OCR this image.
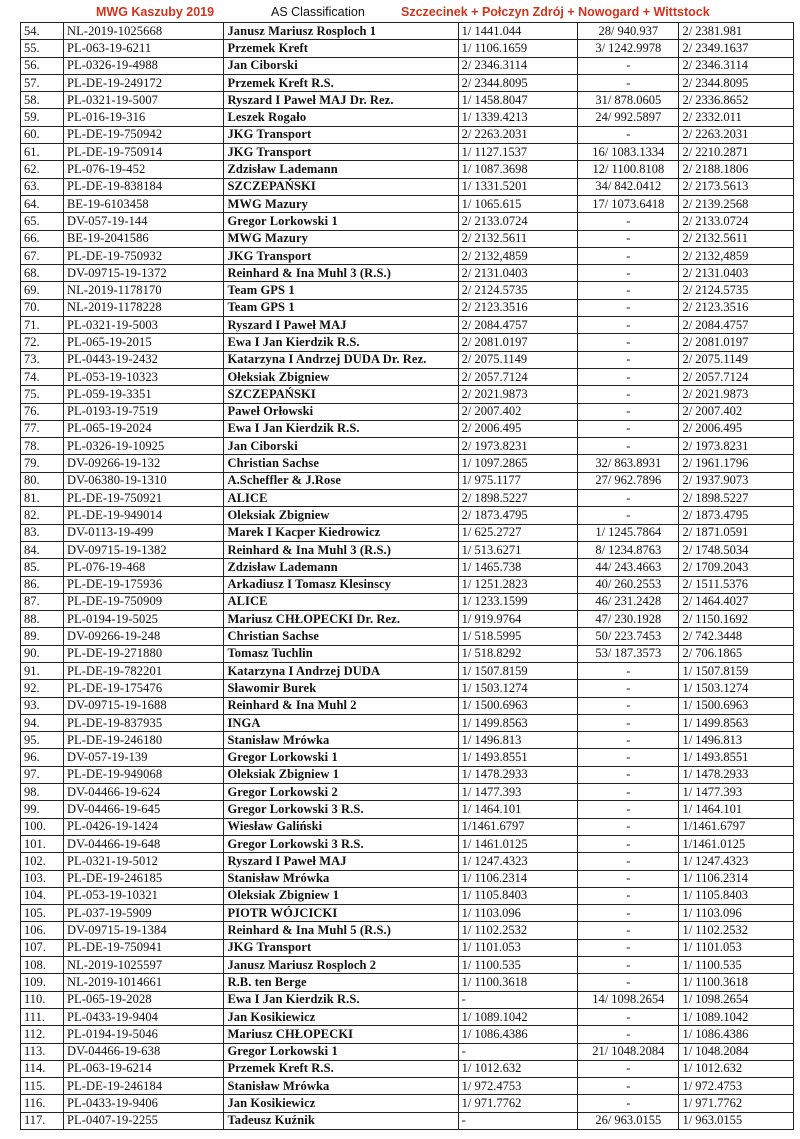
MWG Kaszuby 2019	AS Classification	Szczecinek + Połczyn Zdrój + Nowogard + Wittstock
54.	NL-2019-1025668	Janusz Mariusz Rosploch 1	1/ 1441.044	28/ 940.937	2/ 2381.981
55.	PL-063-19-6211	Przemek Kreft	1/ 1106.1659	3/ 1242.9978	2/ 2349.1637
56.	PL-0326-19-4988	Jan Ciborski	2/ 2346.3114	-	2/ 2346.3114
57.	PL-DE-19-249172	Przemek Kreft R.S.	2/ 2344.8095	-	2/ 2344.8095
58.	PL-0321-19-5007	Ryszard I Paweł MAJ Dr. Rez.	1/ 1458.8047	31/ 878.0605	2/ 2336.8652
59.	PL-016-19-316	Leszek Rogało	1/ 1339.4213	24/ 992.5897	2/ 2332.011
60.	PL-DE-19-750942	JKG Transport	2/ 2263.2031	-	2/ 2263.2031
61.	PL-DE-19-750914	JKG Transport	1/ 1127.1537	16/ 1083.1334	2/ 2210.2871
62.	PL-076-19-452	Zdzisław Lademann	1/ 1087.3698	12/ 1100.8108	2/ 2188.1806
63.	PL-DE-19-838184	SZCZEPAŃSKI	1/ 1331.5201	34/ 842.0412	2/ 2173.5613
64.	BE-19-6103458	MWG Mazury	1/ 1065.615	17/ 1073.6418	2/ 2139.2568
65.	DV-057-19-144	Gregor Lorkowski 1	2/ 2133.0724	-	2/ 2133.0724
66.	BE-19-2041586	MWG Mazury	2/ 2132.5611	-	2/ 2132.5611
67.	PL-DE-19-750932	JKG Transport	2/ 2132,4859	-	2/ 2132,4859
68.	DV-09715-19-1372	Reinhard & Ina Muhl 3 (R.S.)	2/ 2131.0403	-	2/ 2131.0403
69.	NL-2019-1178170	Team GPS 1	2/ 2124.5735	-	2/ 2124.5735
70.	NL-2019-1178228	Team GPS 1	2/ 2123.3516	-	2/ 2123.3516
71.	PL-0321-19-5003	Ryszard I Paweł MAJ	2/ 2084.4757	-	2/ 2084.4757
72.	PL-065-19-2015	Ewa I Jan Kierdzik R.S.	2/ 2081.0197	-	2/ 2081.0197
73.	PL-0443-19-2432	Katarzyna I Andrzej DUDA Dr. Rez.	2/ 2075.1149	-	2/ 2075.1149
74.	PL-053-19-10323	Ołeksiak Zbigniew	2/ 2057.7124	-	2/ 2057.7124
75.	PL-059-19-3351	SZCZEPAŃSKI	2/ 2021.9873	-	2/ 2021.9873
76.	PL-0193-19-7519	Paweł Orłowski	2/ 2007.402	-	2/ 2007.402
77.	PL-065-19-2024	Ewa I Jan Kierdzik R.S.	2/ 2006.495	-	2/ 2006.495
78.	PL-0326-19-10925	Jan Ciborski	2/ 1973.8231	-	2/ 1973.8231
79.	DV-09266-19-132	Christian Sachse	1/ 1097.2865	32/ 863.8931	2/ 1961.1796
80.	DV-06380-19-1310	A.Scheffler & J.Rose	1/ 975.1177	27/ 962.7896	2/ 1937.9073
81.	PL-DE-19-750921	ALICE	2/ 1898.5227	-	2/ 1898.5227
82.	PL-DE-19-949014	Oleksiak Zbigniew	2/ 1873.4795	-	2/ 1873.4795
83.	DV-0113-19-499	Marek I Kacper Kiedrowicz	1/ 625.2727	1/ 1245.7864	2/ 1871.0591
84.	DV-09715-19-1382	Reinhard & Ina Muhl 3 (R.S.)	1/ 513.6271	8/ 1234.8763	2/ 1748.5034
85.	PL-076-19-468	Zdzisław Lademann	1/ 1465.738	44/ 243.4663	2/ 1709.2043
86.	PL-DE-19-175936	Arkadiusz I Tomasz Klesinscy	1/ 1251.2823	40/ 260.2553	2/ 1511.5376
87.	PL-DE-19-750909	ALICE	1/ 1233.1599	46/ 231.2428	2/ 1464.4027
88.	PL-0194-19-5025	Mariusz CHŁOPECKI Dr. Rez.	1/ 919.9764	47/ 230.1928	2/ 1150.1692
89.	DV-09266-19-248	Christian Sachse	1/ 518.5995	50/ 223.7453	2/ 742.3448
90.	PL-DE-19-271880	Tomasz Tuchlin	1/ 518.8292	53/ 187.3573	2/ 706.1865
91.	PL-DE-19-782201	Katarzyna I Andrzej DUDA	1/ 1507.8159	-	1/ 1507.8159
92.	PL-DE-19-175476	Sławomir Burek	1/ 1503.1274	-	1/ 1503.1274
93.	DV-09715-19-1688	Reinhard & Ina Muhl 2	1/ 1500.6963	-	1/ 1500.6963
94.	PL-DE-19-837935	INGA	1/ 1499.8563	-	1/ 1499.8563
95.	PL-DE-19-246180	Stanisław Mrówka	1/ 1496.813	-	1/ 1496.813
96.	DV-057-19-139	Gregor Lorkowski 1	1/ 1493.8551	-	1/ 1493.8551
97.	PL-DE-19-949068	Oleksiak Zbigniew 1	1/ 1478.2933	-	1/ 1478.2933
98.	DV-04466-19-624	Gregor Lorkowski 2	1/ 1477.393	-	1/ 1477.393
99.	DV-04466-19-645	Gregor Lorkowski 3 R.S.	1/ 1464.101	-	1/ 1464.101
100.	PL-0426-19-1424	Wiesław Galiński	1/1461.6797	-	1/1461.6797
101.	DV-04466-19-648	Gregor Lorkowski 3 R.S.	1/ 1461.0125	-	1/1461.0125
102.	PL-0321-19-5012	Ryszard I Paweł MAJ	1/ 1247.4323	-	1/ 1247.4323
103.	PL-DE-19-246185	Stanisław Mrówka	1/ 1106.2314	-	1/ 1106.2314
104.	PL-053-19-10321	Oleksiak Zbigniew 1	1/ 1105.8403	-	1/ 1105.8403
105.	PL-037-19-5909	PIOTR WÓJCICKI	1/ 1103.096	-	1/ 1103.096
106.	DV-09715-19-1384	Reinhard & Ina Muhl 5 (R.S.)	1/ 1102.2532	-	1/ 1102.2532
107.	PL-DE-19-750941	JKG Transport	1/ 1101.053	-	1/ 1101.053
108.	NL-2019-1025597	Janusz Mariusz Rosploch 2	1/ 1100.535	-	1/ 1100.535
109.	NL-2019-1014661	R.B. ten Berge	1/ 1100.3618	-	1/ 1100.3618
110.	PL-065-19-2028	Ewa I Jan Kierdzik R.S.	-	14/ 1098.2654	1/ 1098.2654
111.	PL-0433-19-9404	Jan Kosikiewicz	1/ 1089.1042	-	1/ 1089.1042
112.	PL-0194-19-5046	Mariusz CHŁOPECKI	1/ 1086.4386	-	1/ 1086.4386
113.	DV-04466-19-638	Gregor Lorkowski 1	-	21/ 1048.2084	1/ 1048.2084
114.	PL-063-19-6214	Przemek Kreft R.S.	1/ 1012.632	-	1/ 1012.632
115.	PL-DE-19-246184	Stanisław Mrówka	1/ 972.4753	-	1/ 972.4753
116.	PL-0433-19-9406	Jan Kosikiewicz	1/ 971.7762	-	1/ 971.7762
117.	PL-0407-19-2255	Tadeusz Kuźnik	-	26/ 963.0155	1/ 963.0155
